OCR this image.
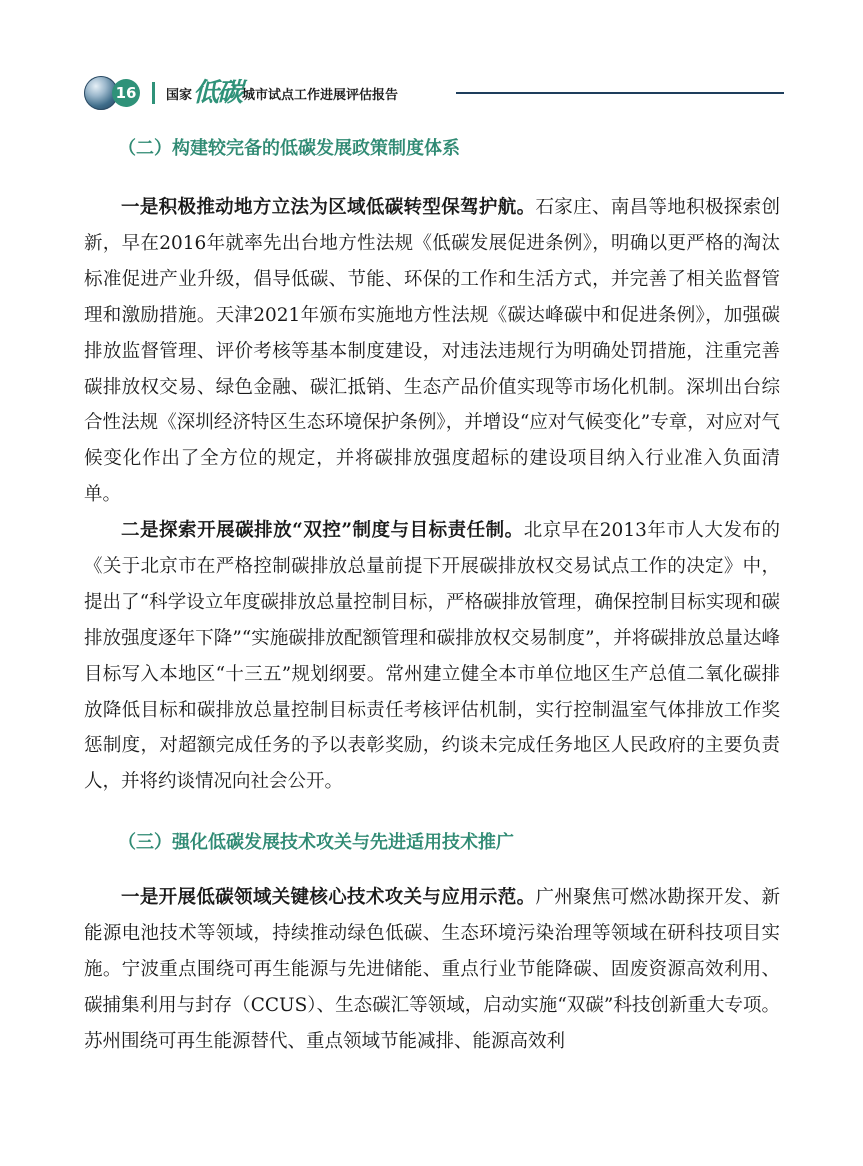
16 国家 低碳 城市试点工作进展评估报告
（二）构建较完备的低碳发展政策制度体系

一是积极推动地方立法为区域低碳转型保驾护航。石家庄、南昌等地积极探索创新，早在2016年就率先出台地方性法规《低碳发展促进条例》，明确以更严格的淘汰标准促进产业升级，倡导低碳、节能、环保的工作和生活方式，并完善了相关监督管理和激励措施。天津2021年颁布实施地方性法规《碳达峰碳中和促进条例》，加强碳排放监督管理、评价考核等基本制度建设，对违法违规行为明确处罚措施，注重完善碳排放权交易、绿色金融、碳汇抵销、生态产品价值实现等市场化机制。深圳出台综合性法规《深圳经济特区生态环境保护条例》，并增设“应对气候变化”专章，对应对气候变化作出了全方位的规定，并将碳排放强度超标的建设项目纳入行业准入负面清单。

二是探索开展碳排放“双控”制度与目标责任制。北京早在2013年市人大发布的《关于北京市在严格控制碳排放总量前提下开展碳排放权交易试点工作的决定》中，提出了“科学设立年度碳排放总量控制目标，严格碳排放管理，确保控制目标实现和碳排放强度逐年下降”“实施碳排放配额管理和碳排放权交易制度”，并将碳排放总量达峰目标写入本地区“十三五”规划纲要。常州建立健全本市单位地区生产总值二氧化碳排放降低目标和碳排放总量控制目标责任考核评估机制，实行控制温室气体排放工作奖惩制度，对超额完成任务的予以表彰奖励，约谈未完成任务地区人民政府的主要负责人，并将约谈情况向社会公开。

（三）强化低碳发展技术攻关与先进适用技术推广

一是开展低碳领域关键核心技术攻关与应用示范。广州聚焦可燃冰勘探开发、新能源电池技术等领域，持续推动绿色低碳、生态环境污染治理等领域在研科技项目实施。宁波重点围绕可再生能源与先进储能、重点行业节能降碳、固废资源高效利用、碳捕集利用与封存（CCUS）、生态碳汇等领域，启动实施“双碳”科技创新重大专项。苏州围绕可再生能源替代、重点领域节能减排、能源高效利
